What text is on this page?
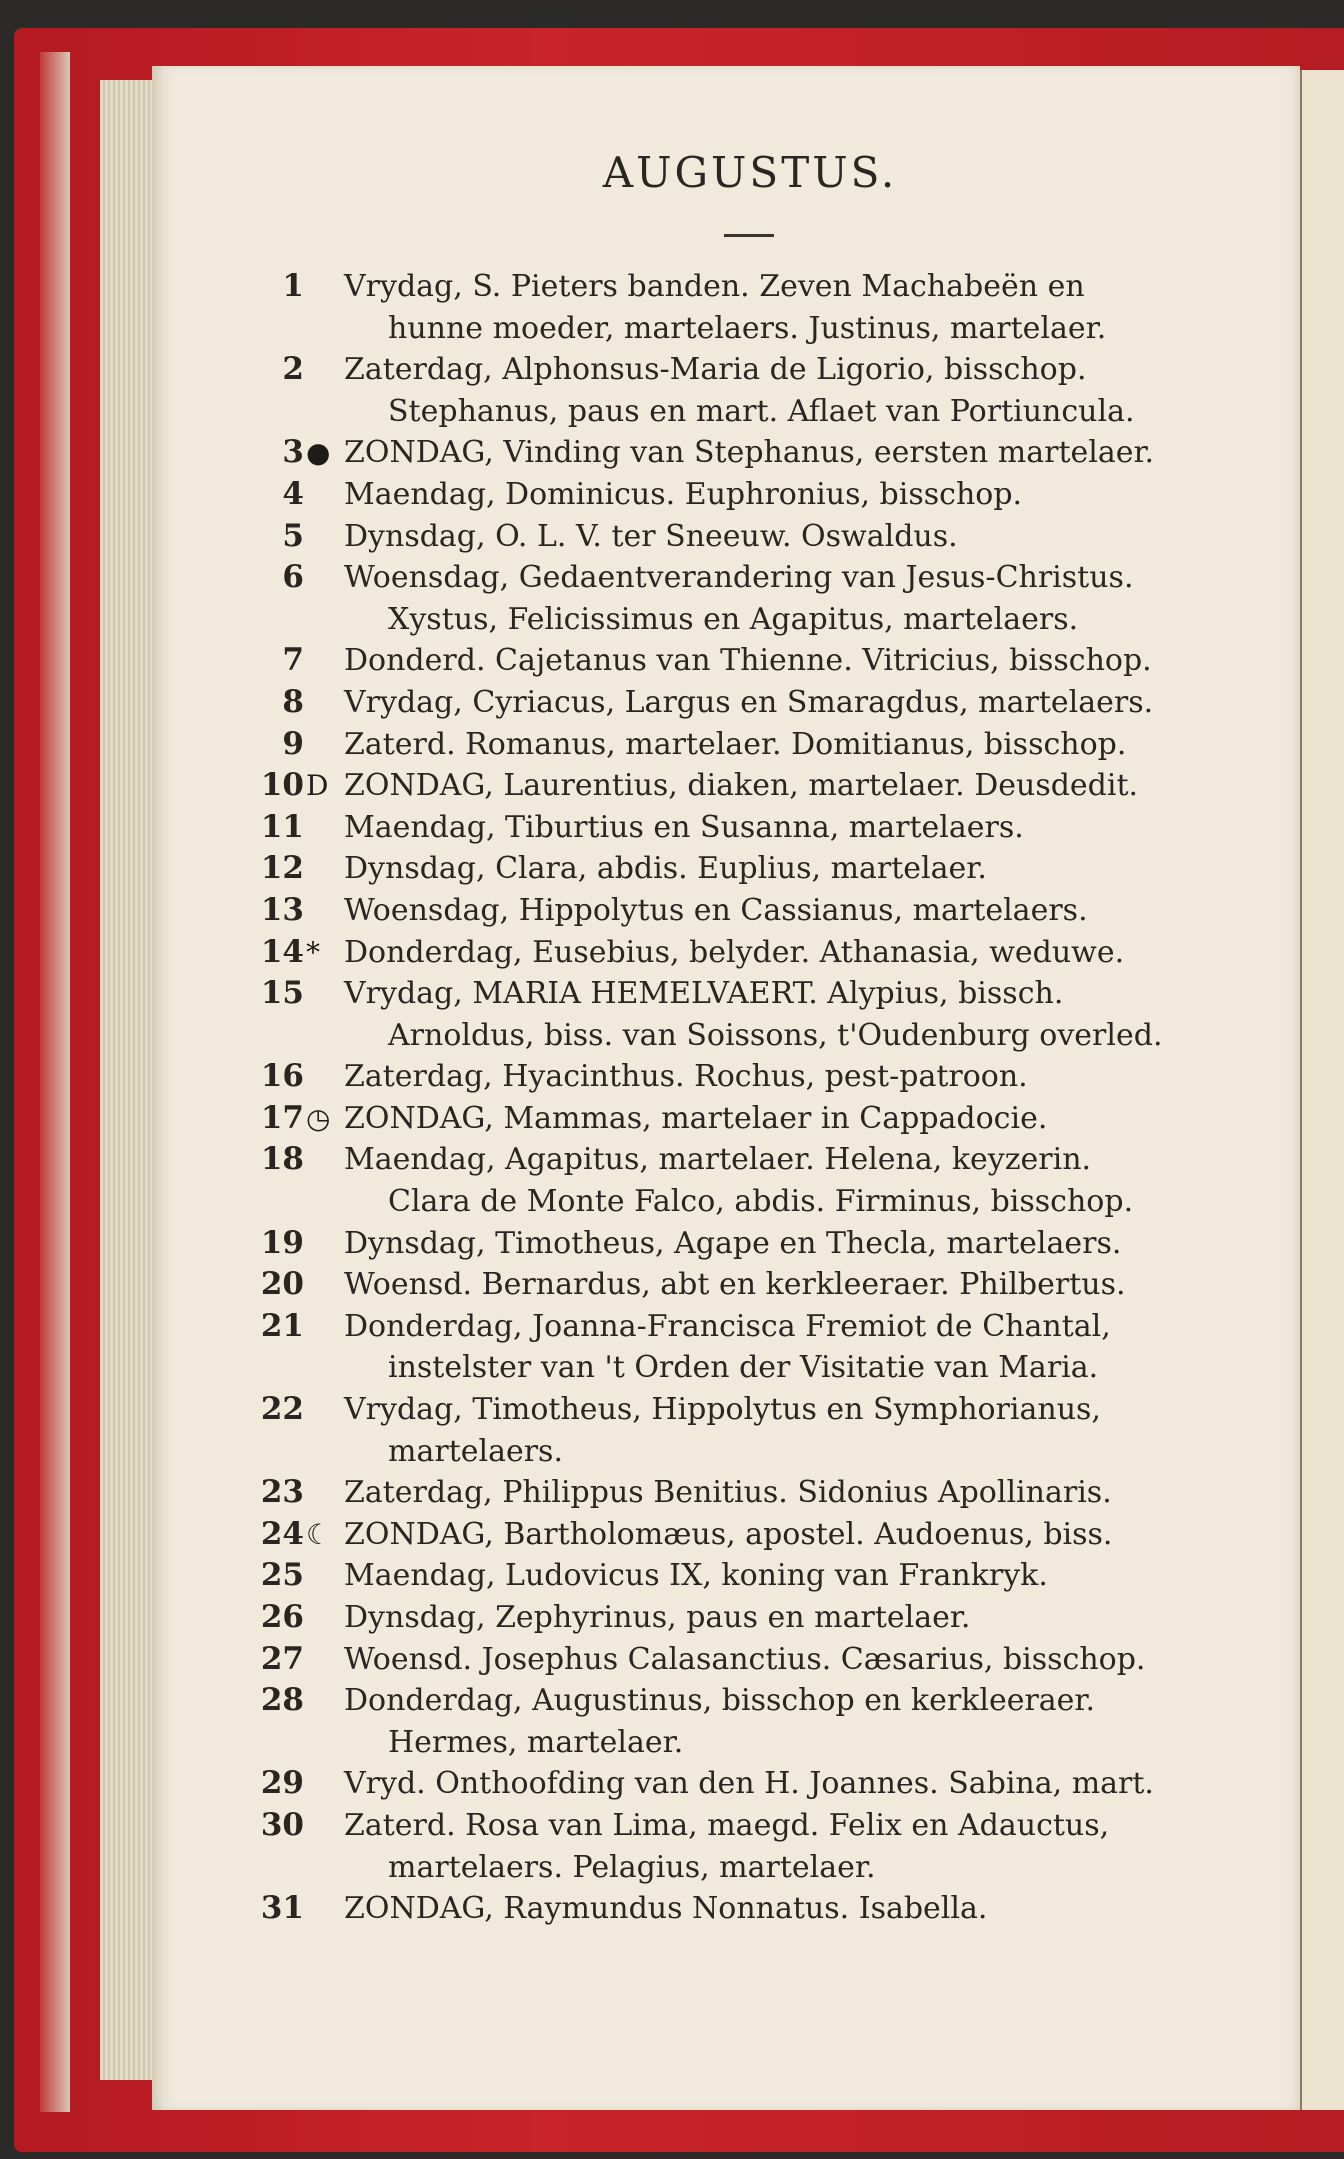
AUGUSTUS.
1 Vrydag, S. Pieters banden. Zeven Machabeën en
hunne moeder, martelaers. Justinus, martelaer.
2 Zaterdag, Alphonsus-Maria de Ligorio, bisschop.
Stephanus, paus en mart. Aflaet van Portiuncula.
3 ● ZONDAG, Vinding van Stephanus, eersten martelaer.
4 Maendag, Dominicus. Euphronius, bisschop.
5 Dynsdag, O. L. V. ter Sneeuw. Oswaldus.
6 Woensdag, Gedaentverandering van Jesus-Christus.
Xystus, Felicissimus en Agapitus, martelaers.
7 Donderd. Cajetanus van Thienne. Vitricius, bisschop.
8 Vrydag, Cyriacus, Largus en Smaragdus, martelaers.
9 Zaterd. Romanus, martelaer. Domitianus, bisschop.
10 D ZONDAG, Laurentius, diaken, martelaer. Deusdedit.
11 Maendag, Tiburtius en Susanna, martelaers.
12 Dynsdag, Clara, abdis. Euplius, martelaer.
13 Woensdag, Hippolytus en Cassianus, martelaers.
14 * Donderdag, Eusebius, belyder. Athanasia, weduwe.
15 Vrydag, MARIA HEMELVAERT. Alypius, bissch.
Arnoldus, biss. van Soissons, t'Oudenburg overled.
16 Zaterdag, Hyacinthus. Rochus, pest-patroon.
17 ◷ ZONDAG, Mammas, martelaer in Cappadocie.
18 Maendag, Agapitus, martelaer. Helena, keyzerin.
Clara de Monte Falco, abdis. Firminus, bisschop.
19 Dynsdag, Timotheus, Agape en Thecla, martelaers.
20 Woensd. Bernardus, abt en kerkleeraer. Philbertus.
21 Donderdag, Joanna-Francisca Fremiot de Chantal,
instelster van 't Orden der Visitatie van Maria.
22 Vrydag, Timotheus, Hippolytus en Symphorianus,
martelaers.
23 Zaterdag, Philippus Benitius. Sidonius Apollinaris.
24 ☾ ZONDAG, Bartholomæus, apostel. Audoenus, biss.
25 Maendag, Ludovicus IX, koning van Frankryk.
26 Dynsdag, Zephyrinus, paus en martelaer.
27 Woensd. Josephus Calasanctius. Cæsarius, bisschop.
28 Donderdag, Augustinus, bisschop en kerkleeraer.
Hermes, martelaer.
29 Vryd. Onthoofding van den H. Joannes. Sabina, mart.
30 Zaterd. Rosa van Lima, maegd. Felix en Adauctus,
martelaers. Pelagius, martelaer.
31 ZONDAG, Raymundus Nonnatus. Isabella.
